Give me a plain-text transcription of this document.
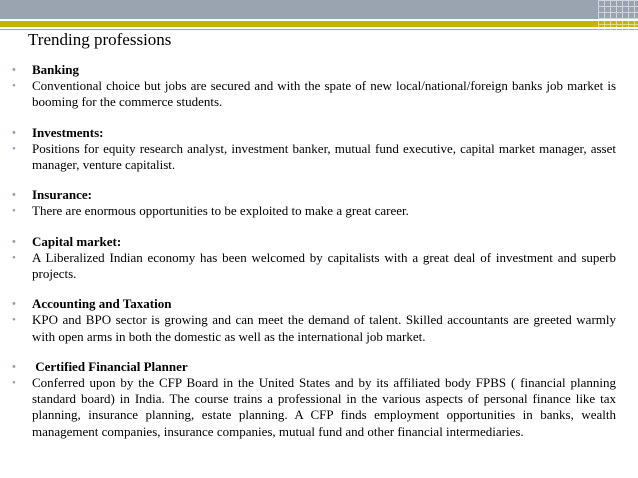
Trending professions
• Banking
• Conventional choice but jobs are secured and with the spate of new local/national/foreign banks job market is booming for the commerce students.
• Investments:
• Positions for equity research analyst, investment banker, mutual fund executive, capital market manager, asset manager, venture capitalist.
• Insurance:
• There are enormous opportunities to be exploited to make a great career.
• Capital market:
• A Liberalized Indian economy has been welcomed by capitalists with a great deal of investment and superb projects.
• Accounting and Taxation
• KPO and BPO sector is growing and can meet the demand of talent. Skilled accountants are greeted warmly with open arms in both the domestic as well as the international job market.
• Certified Financial Planner
• Conferred upon by the CFP Board in the United States and by its affiliated body FPBS ( financial planning standard board) in India. The course trains a professional in the various aspects of personal finance like tax planning, insurance planning, estate planning. A CFP finds employment opportunities in banks, wealth management companies, insurance companies, mutual fund and other financial intermediaries.
